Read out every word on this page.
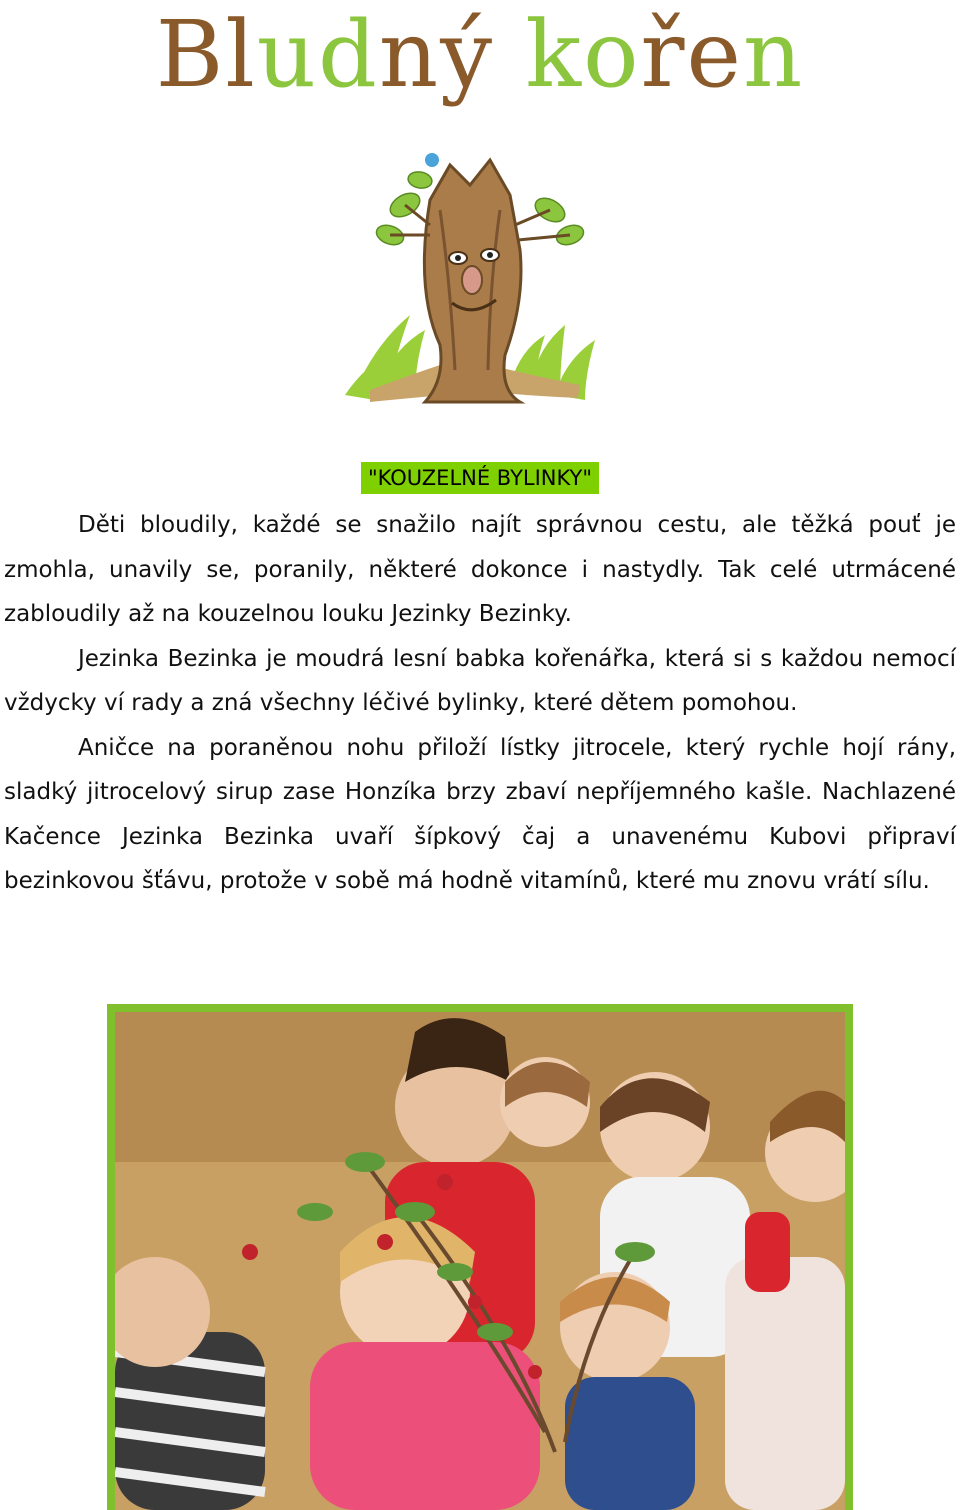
Bludný kořen
"KOUZELNÉ BYLINKY"

Děti bloudily, každé se snažilo najít správnou cestu, ale těžká pouť je zmohla, unavily se, poranily, některé dokonce i nastydly. Tak celé utrmácené zabloudily až na kouzelnou louku Jezinky Bezinky.

Jezinka Bezinka je moudrá lesní babka kořenářka, která si s každou nemocí vždycky ví rady a zná všechny léčivé bylinky, které dětem pomohou.

Aničce na poraněnou nohu přiloží lístky jitrocele, který rychle hojí rány, sladký jitrocelový sirup zase Honzíka brzy zbaví nepříjemného kašle. Nachlazené Kačence Jezinka Bezinka uvaří šípkový čaj a unavenému Kubovi připraví bezinkovou šťávu, protože v sobě má hodně vitamínů, které mu znovu vrátí sílu.
